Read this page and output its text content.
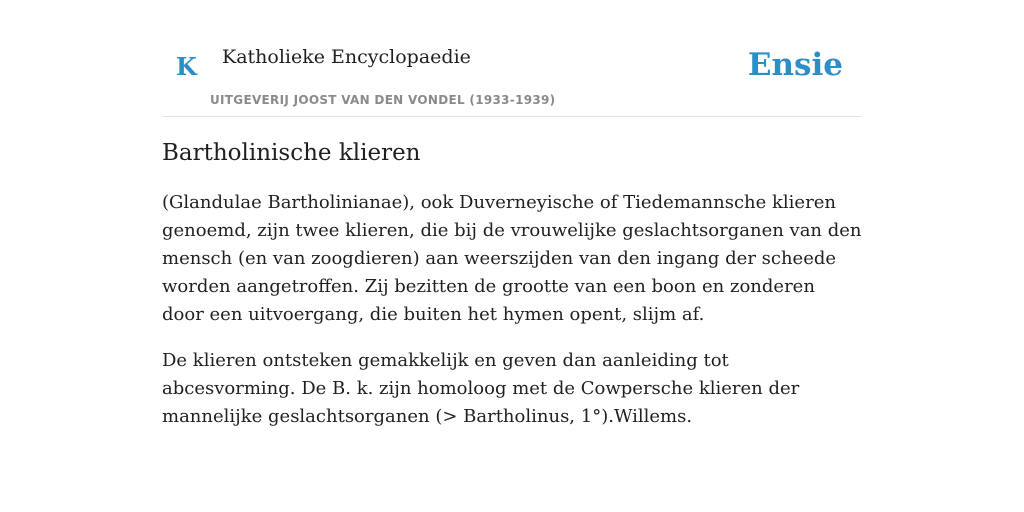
K Katholieke Encyclopaedie
UITGEVERIJ JOOST VAN DEN VONDEL (1933-1939)
Ensie
Bartholinische klieren

(Glandulae Bartholinianae), ook Duverneyische of Tiedemannsche klieren genoemd, zijn twee klieren, die bij de vrouwelijke geslachtsorganen van den mensch (en van zoogdieren) aan weerszijden van den ingang der scheede worden aangetroffen. Zij bezitten de grootte van een boon en zonderen door een uitvoergang, die buiten het hymen opent, slijm af.

De klieren ontsteken gemakkelijk en geven dan aanleiding tot abcesvorming. De B. k. zijn homoloog met de Cowpersche klieren der mannelijke geslachtsorganen (> Bartholinus, 1°).Willems.
